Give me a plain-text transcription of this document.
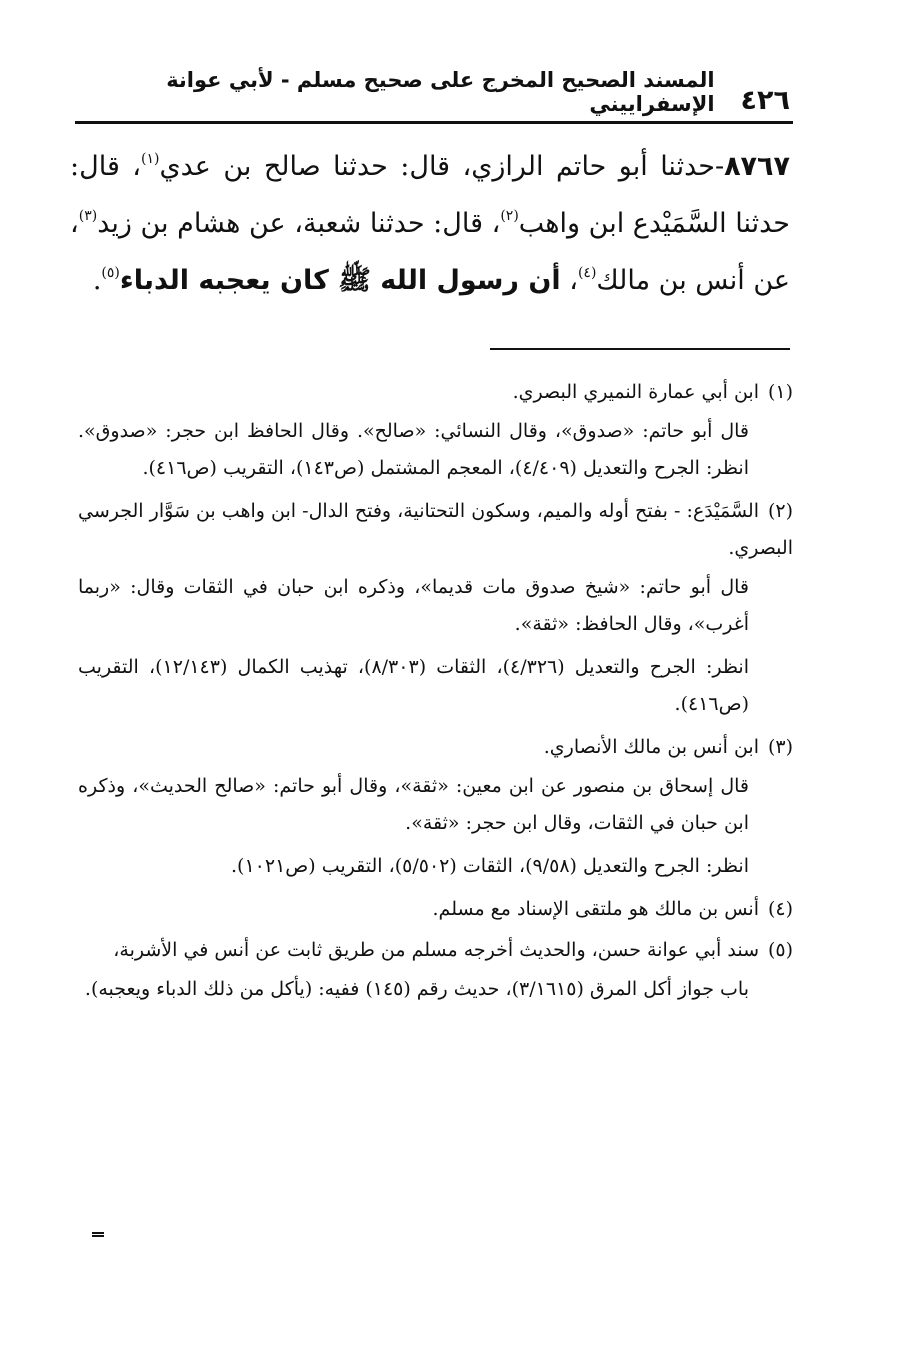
٤٢٦
المسند الصحيح المخرج على صحيح مسلم - لأبي عوانة الإسفراييني
٨٧٦٧-حدثنا أبو حاتم الرازي، قال: حدثنا صالح بن عدي$^{(١)}$، قال: حدثنا السَّمَيْدع ابن واهب$^{(٢)}$، قال: حدثنا شعبة، عن هشام بن زيد$^{(٣)}$، عن أنس بن مالك$^{(٤)}$، أن رسول الله ﷺ كان يعجبه الدباء$^{(٥)}$.
(١)ابن أبي عمارة النميري البصري.
قال أبو حاتم: «صدوق»، وقال النسائي: «صالح». وقال الحافظ ابن حجر: «صدوق». انظر: الجرح والتعديل (٤/٤٠٩)، المعجم المشتمل (ص١٤٣)، التقريب (ص٤١٦).
(٢)السَّمَيْدَع: - بفتح أوله والميم، وسكون التحتانية، وفتح الدال- ابن واهب بن سَوَّار الجرسي البصري.
قال أبو حاتم: «شيخ صدوق مات قديما»، وذكره ابن حبان في الثقات وقال: «ربما أغرب»، وقال الحافظ: «ثقة».
انظر: الجرح والتعديل (٤/٣٢٦)، الثقات (٨/٣٠٣)، تهذيب الكمال (١٢/١٤٣)، التقريب (ص٤١٦).
(٣)ابن أنس بن مالك الأنصاري.
قال إسحاق بن منصور عن ابن معين: «ثقة»، وقال أبو حاتم: «صالح الحديث»، وذكره ابن حبان في الثقات، وقال ابن حجر: «ثقة».
انظر: الجرح والتعديل (٩/٥٨)، الثقات (٥/٥٠٢)، التقريب (ص١٠٢١).
(٤)أنس بن مالك هو ملتقى الإسناد مع مسلم.
(٥)سند أبي عوانة حسن، والحديث أخرجه مسلم من طريق ثابت عن أنس في الأشربة،
باب جواز أكل المرق (٣/١٦١٥)، حديث رقم (١٤٥) ففيه: (يأكل من ذلك الدباء ويعجبه).
